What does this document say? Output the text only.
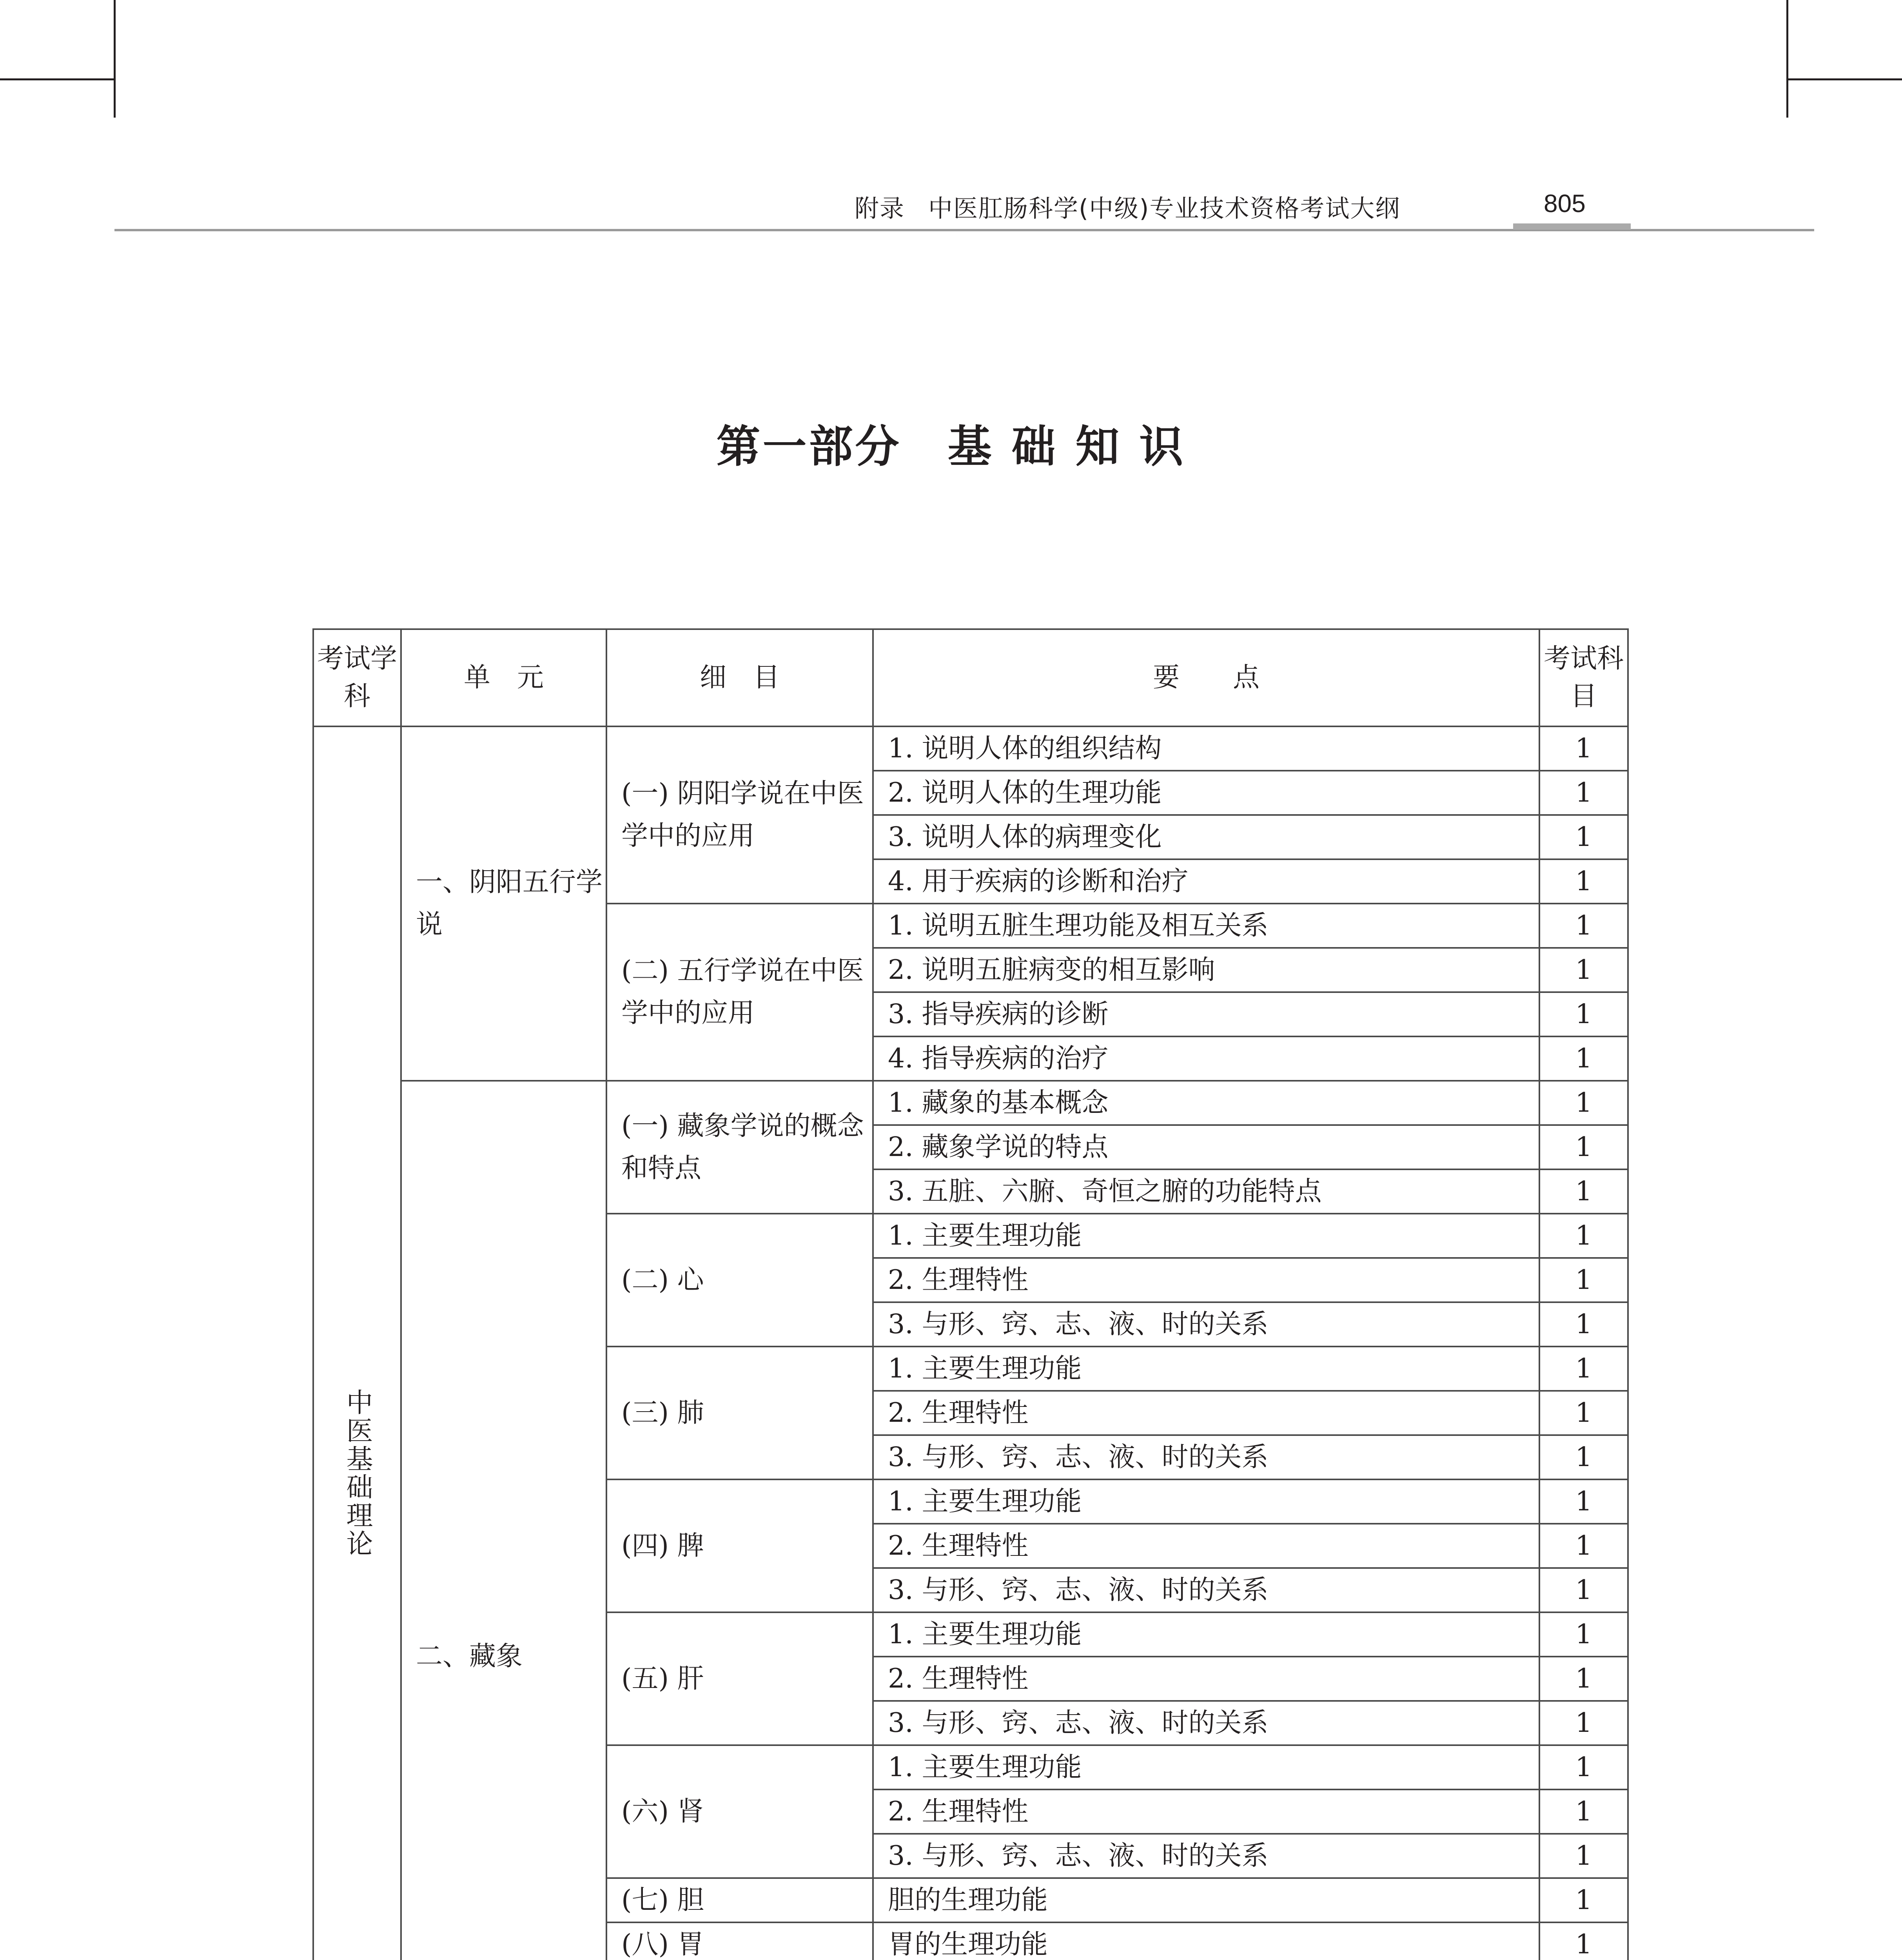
附录 中医肛肠科学(中级)专业技术资格考试大纲	805
第一部分　基 础 知 识
考试学科	单　元	细　目	要　　点	考试科目
中医基础理论	一、阴阳五行学说	(一) 阴阳学说在中医学中的应用	1. 说明人体的组织结构	1
			2. 说明人体的生理功能	1
			3. 说明人体的病理变化	1
			4. 用于疾病的诊断和治疗	1
		(二) 五行学说在中医学中的应用	1. 说明五脏生理功能及相互关系	1
			2. 说明五脏病变的相互影响	1
			3. 指导疾病的诊断	1
			4. 指导疾病的治疗	1
	二、藏象	(一) 藏象学说的概念和特点	1. 藏象的基本概念	1
			2. 藏象学说的特点	1
			3. 五脏、六腑、奇恒之腑的功能特点	1
		(二) 心	1. 主要生理功能	1
			2. 生理特性	1
			3. 与形、窍、志、液、时的关系	1
		(三) 肺	1. 主要生理功能	1
			2. 生理特性	1
			3. 与形、窍、志、液、时的关系	1
		(四) 脾	1. 主要生理功能	1
			2. 生理特性	1
			3. 与形、窍、志、液、时的关系	1
		(五) 肝	1. 主要生理功能	1
			2. 生理特性	1
			3. 与形、窍、志、液、时的关系	1
		(六) 肾	1. 主要生理功能	1
			2. 生理特性	1
			3. 与形、窍、志、液、时的关系	1
		(七) 胆	胆的生理功能	1
		(八) 胃	胃的生理功能	1
